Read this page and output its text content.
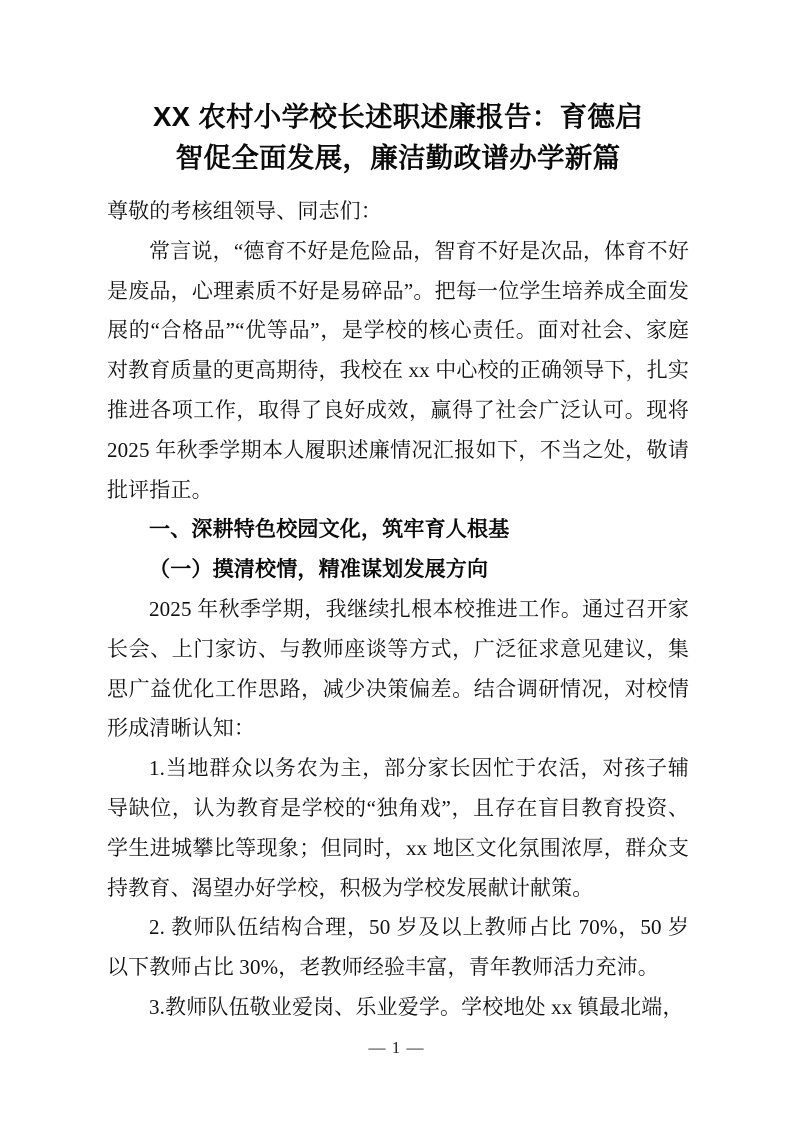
XX 农村小学校长述职述廉报告：育德启
智促全面发展，廉洁勤政谱办学新篇

尊敬的考核组领导、同志们：

常言说，“德育不好是危险品，智育不好是次品，体育不好是废品，心理素质不好是易碎品”。把每一位学生培养成全面发展的“合格品”“优等品”，是学校的核心责任。面对社会、家庭对教育质量的更高期待，我校在 xx 中心校的正确领导下，扎实推进各项工作，取得了良好成效，赢得了社会广泛认可。现将 2025 年秋季学期本人履职述廉情况汇报如下，不当之处，敬请批评指正。

一、深耕特色校园文化，筑牢育人根基

（一）摸清校情，精准谋划发展方向

2025 年秋季学期，我继续扎根本校推进工作。通过召开家长会、上门家访、与教师座谈等方式，广泛征求意见建议，集思广益优化工作思路，减少决策偏差。结合调研情况，对校情形成清晰认知：

1.当地群众以务农为主，部分家长因忙于农活，对孩子辅导缺位，认为教育是学校的“独角戏”，且存在盲目教育投资、学生进城攀比等现象；但同时，xx 地区文化氛围浓厚，群众支持教育、渴望办好学校，积极为学校发展献计献策。

2. 教师队伍结构合理，50 岁及以上教师占比 70%，50 岁以下教师占比 30%，老教师经验丰富，青年教师活力充沛。

3.教师队伍敬业爱岗、乐业爱学。学校地处 xx 镇最北端，

— 1 —
